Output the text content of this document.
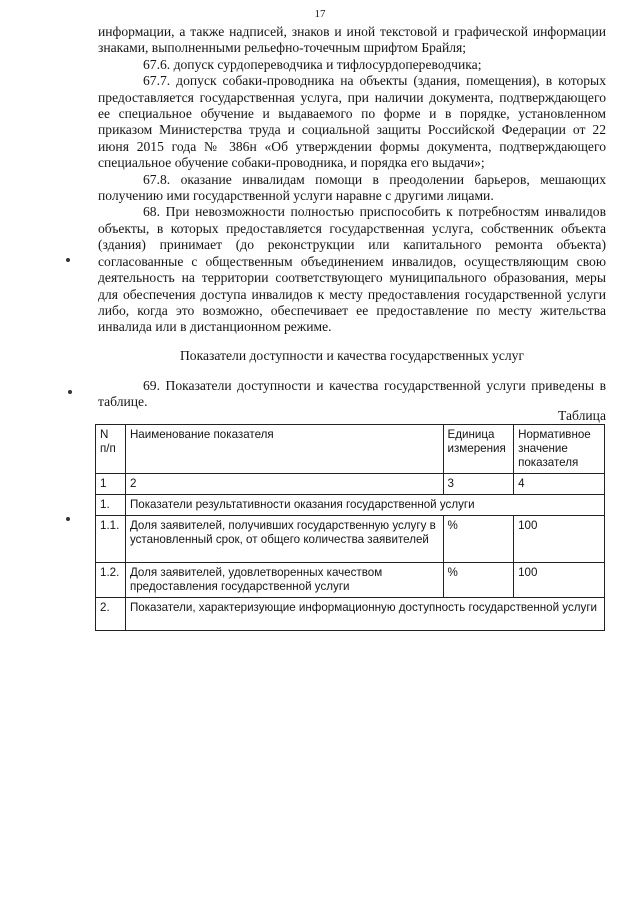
17

информации, а также надписей, знаков и иной текстовой и графической информации знаками, выполненными рельефно-точечным шрифтом Брайля;

67.6. допуск сурдопереводчика и тифлосурдопереводчика;

67.7. допуск собаки-проводника на объекты (здания, помещения), в которых предоставляется государственная услуга, при наличии документа, подтверждающего ее специальное обучение и выдаваемого по форме и в порядке, установленном приказом Министерства труда и социальной защиты Российской Федерации от 22 июня 2015 года № 386н «Об утверждении формы документа, подтверждающего специальное обучение собаки-проводника, и порядка его выдачи»;

67.8. оказание инвалидам помощи в преодолении барьеров, мешающих получению ими государственной услуги наравне с другими лицами.

68. При невозможности полностью приспособить к потребностям инвалидов объекты, в которых предоставляется государственная услуга, собственник объекта (здания) принимает (до реконструкции или капитального ремонта объекта) согласованные с общественным объединением инвалидов, осуществляющим свою деятельность на территории соответствующего муниципального образования, меры для обеспечения доступа инвалидов к месту предоставления государственной услуги либо, когда это возможно, обеспечивает ее предоставление по месту жительства инвалида или в дистанционном режиме.

Показатели доступности и качества государственных услуг

69. Показатели доступности и качества государственной услуги приведены в таблице.

Таблица
N п/п	Наименование показателя	Единица измерения	Нормативное значение показателя
1	2	3	4
1.	Показатели результативности оказания государственной услуги		
1.1.	Доля заявителей, получивших государственную услугу в установленный срок, от общего количества заявителей	%	100
1.2.	Доля заявителей, удовлетворенных качеством предоставления государственной услуги	%	100
2.	Показатели, характеризующие информационную доступность государственной услуги		
